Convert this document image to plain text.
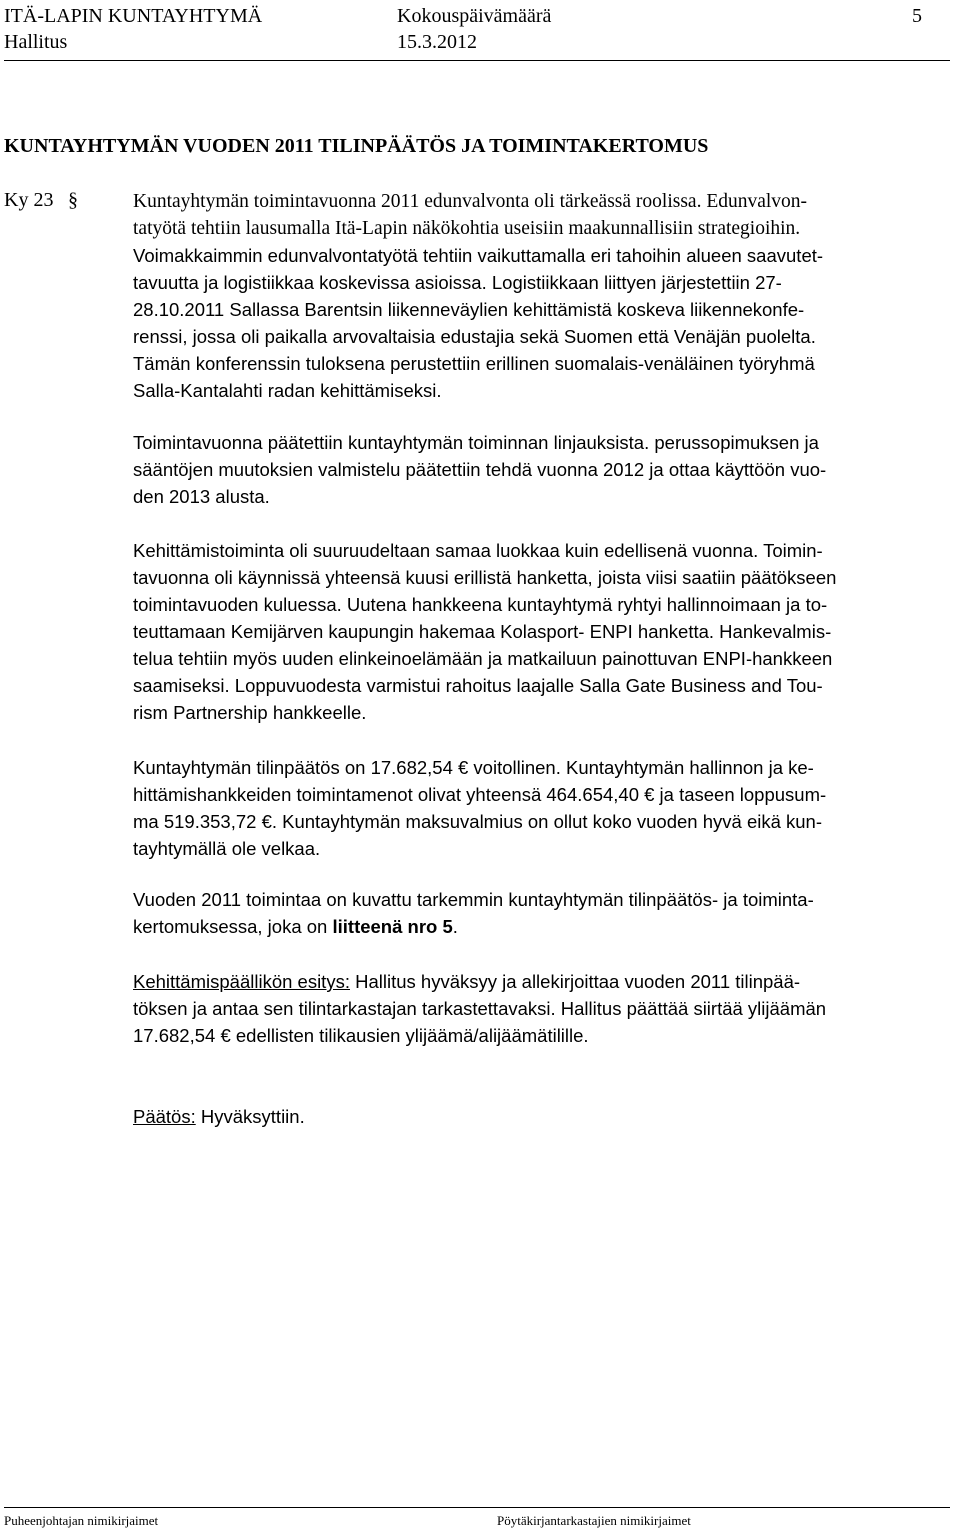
ITÄ-LAPIN KUNTAYHTYMÄ	Kokouspäivämäärä	5
Hallitus	15.3.2012
KUNTAYHTYMÄN VUODEN 2011 TILINPÄÄTÖS JA TOIMINTAKERTOMUS
Ky 23 §	Kuntayhtymän toimintavuonna 2011 edunvalvonta oli tärkeässä roolissa. Edunvalvon-
tatyötä tehtiin lausumalla Itä-Lapin näkökohtia useisiin maakunnallisiin strategioihin.
Voimakkaimmin edunvalvontatyötä tehtiin vaikuttamalla eri tahoihin alueen saavutet-
tavuutta ja logistiikkaa koskevissa asioissa. Logistiikkaan liittyen järjestettiin 27-
28.10.2011 Sallassa Barentsin liikenneväylien kehittämistä koskeva liikennekonfe-
renssi, jossa oli paikalla arvovaltaisia edustajia sekä Suomen että Venäjän puolelta.
Tämän konferenssin tuloksena perustettiin erillinen suomalais-venäläinen työryhmä
Salla-Kantalahti radan kehittämiseksi.
Toimintavuonna päätettiin kuntayhtymän toiminnan linjauksista. perussopimuksen ja
sääntöjen muutoksien valmistelu päätettiin tehdä vuonna 2012 ja ottaa käyttöön vuo-
den 2013 alusta.
Kehittämistoiminta oli suuruudeltaan samaa luokkaa kuin edellisenä vuonna. Toimin-
tavuonna oli käynnissä yhteensä kuusi erillistä hanketta, joista viisi saatiin päätökseen
toimintavuoden kuluessa. Uutena hankkeena kuntayhtymä ryhtyi hallinnoimaan ja to-
teuttamaan Kemijärven kaupungin hakemaa Kolasport- ENPI hanketta. Hankevalmis-
telua tehtiin myös uuden elinkeinoelämään ja matkailuun painottuvan ENPI-hankkeen
saamiseksi. Loppuvuodesta varmistui rahoitus laajalle Salla Gate Business and Tou-
rism Partnership hankkeelle.
Kuntayhtymän tilinpäätös on 17.682,54 € voitollinen. Kuntayhtymän hallinnon ja ke-
hittämishankkeiden toimintamenot olivat yhteensä 464.654,40 € ja taseen loppusum-
ma 519.353,72 €. Kuntayhtymän maksuvalmius on ollut koko vuoden hyvä eikä kun-
tayhtymällä ole velkaa.
Vuoden 2011 toimintaa on kuvattu tarkemmin kuntayhtymän tilinpäätös- ja toiminta-
kertomuksessa, joka on liitteenä nro 5.
Kehittämispäällikön esitys: Hallitus hyväksyy ja allekirjoittaa vuoden 2011 tilinpää-
töksen ja antaa sen tilintarkastajan tarkastettavaksi. Hallitus päättää siirtää ylijäämän
17.682,54 € edellisten tilikausien ylijäämä/alijäämätilille.
Päätös: Hyväksyttiin.
Puheenjohtajan nimikirjaimet	Pöytäkirjantarkastajien nimikirjaimet
